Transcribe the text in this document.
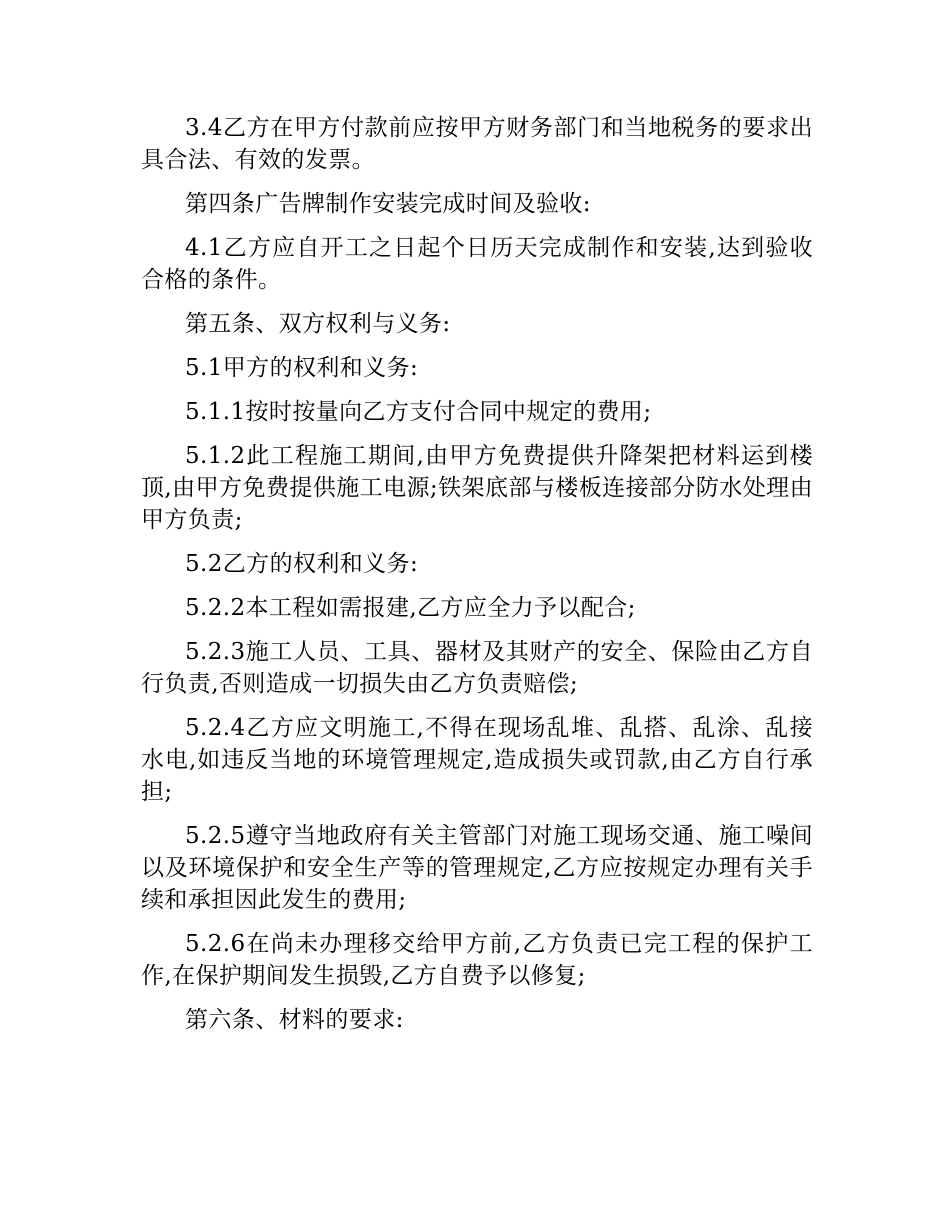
3.4乙方在甲方付款前应按甲方财务部门和当地税务的要求出具合法、有效的发票。

第四条广告牌制作安装完成时间及验收:

4.1乙方应自开工之日起个日历天完成制作和安装,达到验收合格的条件。

第五条、双方权利与义务:

5.1甲方的权利和义务:

5.1.1按时按量向乙方支付合同中规定的费用;

5.1.2此工程施工期间,由甲方免费提供升降架把材料运到楼顶,由甲方免费提供施工电源;铁架底部与楼板连接部分防水处理由甲方负责;

5.2乙方的权利和义务:

5.2.2本工程如需报建,乙方应全力予以配合;

5.2.3施工人员、工具、器材及其财产的安全、保险由乙方自行负责,否则造成一切损失由乙方负责赔偿;

5.2.4乙方应文明施工,不得在现场乱堆、乱搭、乱涂、乱接水电,如违反当地的环境管理规定,造成损失或罚款,由乙方自行承担;

5.2.5遵守当地政府有关主管部门对施工现场交通、施工噪间以及环境保护和安全生产等的管理规定,乙方应按规定办理有关手续和承担因此发生的费用;

5.2.6在尚未办理移交给甲方前,乙方负责已完工程的保护工作,在保护期间发生损毁,乙方自费予以修复;

第六条、材料的要求:
